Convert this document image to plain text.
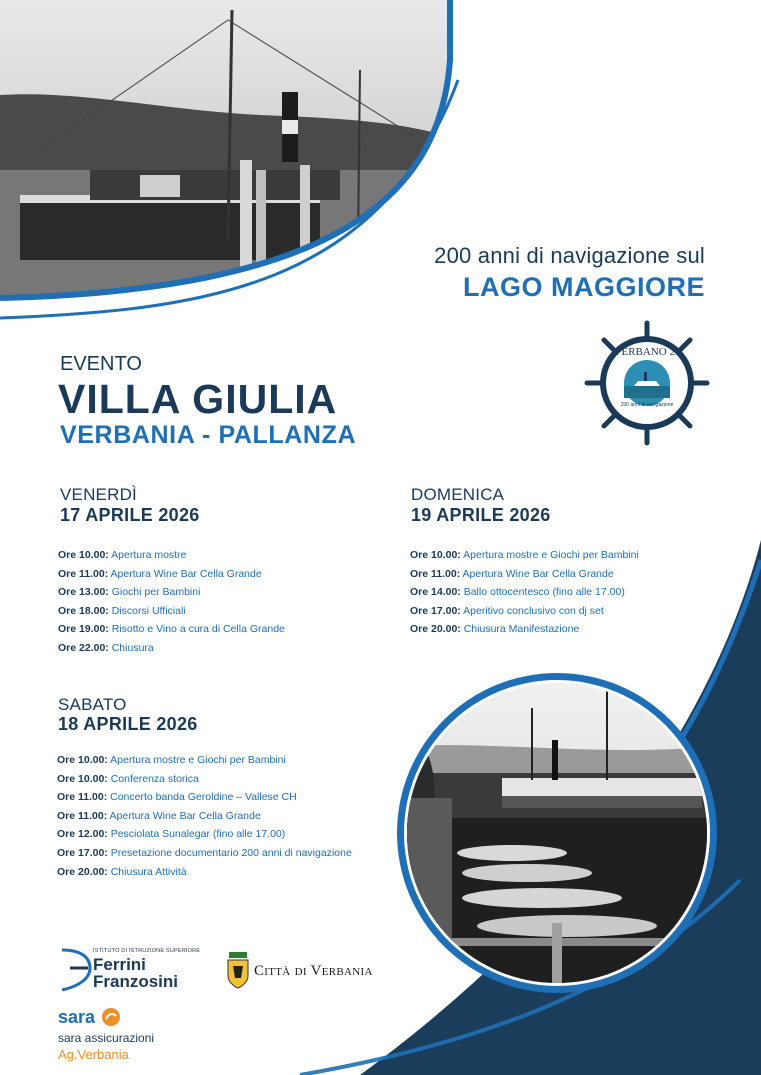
200 anni di navigazione sul
LAGO MAGGIORE
EVENTO
VILLA GIULIA
VERBANIA - PALLANZA
VERBANO 26
200 anni di navigazione
VENERDÌ
17 APRILE 2026
Ore 10.00: Apertura mostre
Ore 11.00: Apertura Wine Bar Cella Grande
Ore 13.00: Giochi per Bambini
Ore 18.00: Discorsi Ufficiali
Ore 19.00: Risotto e Vino a cura di Cella Grande
Ore 22.00: Chiusura
DOMENICA
19 APRILE 2026
Ore 10.00: Apertura mostre e Giochi per Bambini
Ore 11.00: Apertura Wine Bar Cella Grande
Ore 14.00: Ballo ottocentesco (fino alle 17.00)
Ore 17.00: Aperitivo conclusivo con dj set
Ore 20.00: Chiusura Manifestazione
SABATO
18 APRILE 2026
Ore 10.00: Apertura mostre e Giochi per Bambini
Ore 10.00: Conferenza storica
Ore 11.00: Concerto banda Geroldine – Vallese CH
Ore 11.00: Apertura Wine Bar Cella Grande
Ore 12.00: Pesciolata Sunalegar (fino alle 17.00)
Ore 17.00: Presetazione documentario 200 anni di navigazione
Ore 20.00: Chiusura Attività
ISTITUTO DI ISTRUZIONE SUPERIORE
Ferrini
Franzosini
Città di Verbania
sara
sara assicurazioni
Ag.Verbania
